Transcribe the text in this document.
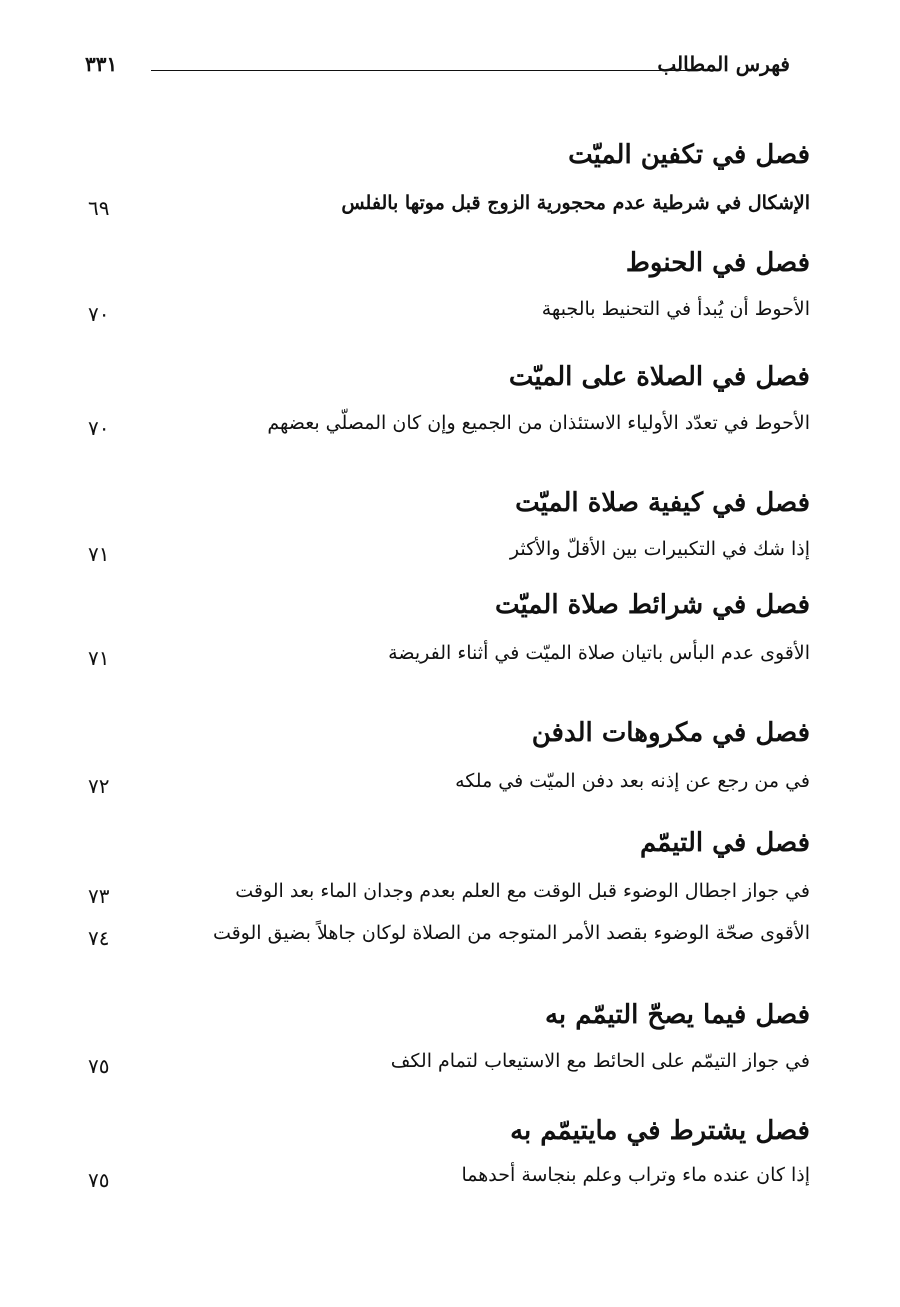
فهرس المطالب
٣٣١
فصل في تكفين الميّت
الإشكال في شرطية عدم محجورية الزوج قبل موتها بالفلس
٦٩
فصل في الحنوط
الأحوط أن يُبدأ في التحنيط بالجبهة
٧٠
فصل في الصلاة على الميّت
الأحوط في تعدّد الأولياء الاستئذان من الجميع وإن كان المصلّي بعضهم
٧٠
فصل في كيفية صلاة الميّت
إذا شك في التكبيرات بين الأقلّ والأكثر
٧١
فصل في شرائط صلاة الميّت
الأقوى عدم البأس باتيان صلاة الميّت في أثناء الفريضة
٧١
فصل في مكروهات الدفن
في من رجع عن إذنه بعد دفن الميّت في ملكه
٧٢
فصل في التيمّم
في جواز اجطال الوضوء قبل الوقت مع العلم بعدم وجدان الماء بعد الوقت
٧٣
الأقوى صحّة الوضوء بقصد الأمر المتوجه من الصلاة لوكان جاهلاً بضيق الوقت
٧٤
فصل فيما يصحّ التيمّم به
في جواز التيمّم على الحائط مع الاستيعاب لتمام الكف
٧٥
فصل يشترط في مايتيمّم به
إذا كان عنده ماء وتراب وعلم بنجاسة أحدهما
٧٥
